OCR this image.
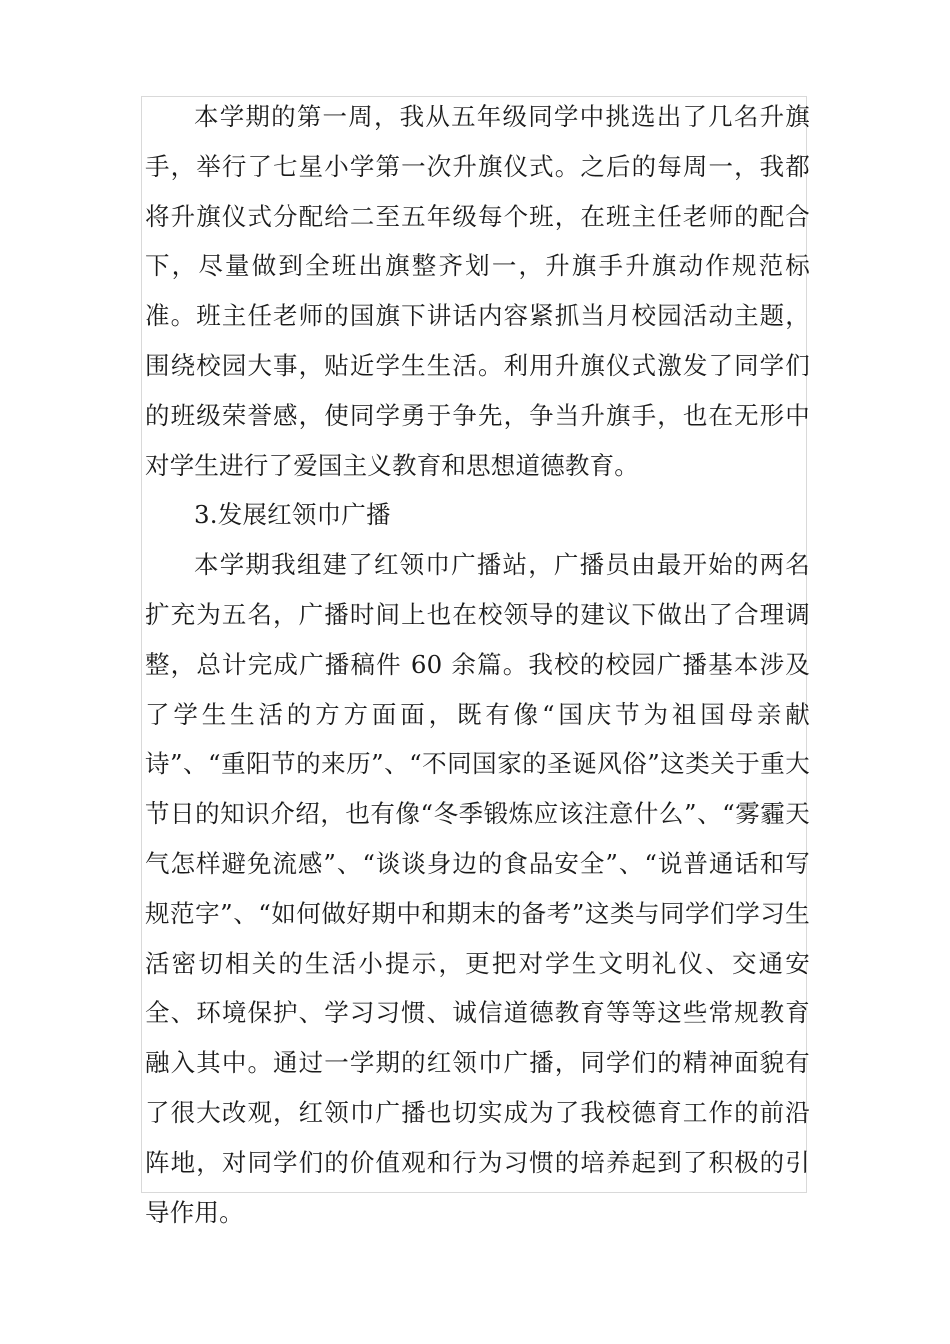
本学期的第一周，我从五年级同学中挑选出了几名升旗手，举行了七星小学第一次升旗仪式。之后的每周一，我都将升旗仪式分配给二至五年级每个班，在班主任老师的配合下，尽量做到全班出旗整齐划一，升旗手升旗动作规范标准。班主任老师的国旗下讲话内容紧抓当月校园活动主题，围绕校园大事，贴近学生生活。利用升旗仪式激发了同学们的班级荣誉感，使同学勇于争先，争当升旗手，也在无形中对学生进行了爱国主义教育和思想道德教育。

3.发展红领巾广播

本学期我组建了红领巾广播站，广播员由最开始的两名扩充为五名，广播时间上也在校领导的建议下做出了合理调整，总计完成广播稿件 60 余篇。我校的校园广播基本涉及了学生生活的方方面面，既有像“国庆节为祖国母亲献诗”、“重阳节的来历”、“不同国家的圣诞风俗”这类关于重大节日的知识介绍，也有像“冬季锻炼应该注意什么”、“雾霾天气怎样避免流感”、“谈谈身边的食品安全”、“说普通话和写规范字”、“如何做好期中和期末的备考”这类与同学们学习生活密切相关的生活小提示，更把对学生文明礼仪、交通安全、环境保护、学习习惯、诚信道德教育等等这些常规教育融入其中。通过一学期的红领巾广播，同学们的精神面貌有了很大改观，红领巾广播也切实成为了我校德育工作的前沿阵地，对同学们的价值观和行为习惯的培养起到了积极的引导作用。
